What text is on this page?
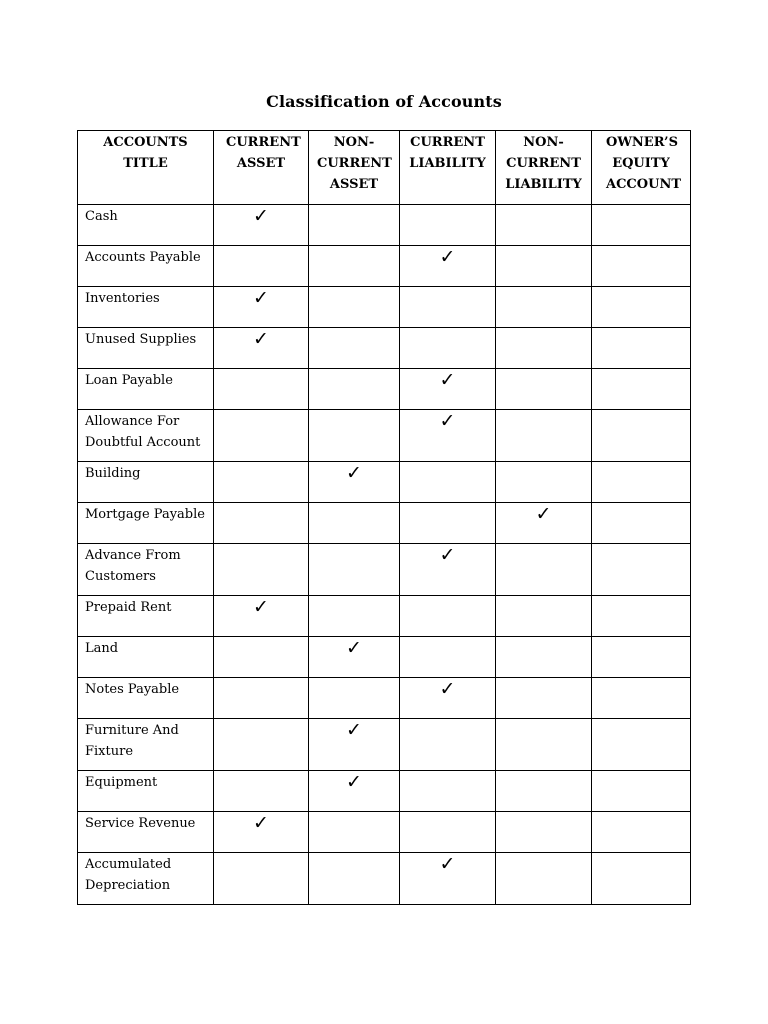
Classification of Accounts
ACCOUNTS TITLE	CURRENT ASSET	NON-CURRENT ASSET	CURRENT LIABILITY	NON-CURRENT LIABILITY	OWNER’S EQUITY ACCOUNT
Cash	✓				
Accounts Payable			✓		
Inventories	✓				
Unused Supplies	✓				
Loan Payable			✓		
Allowance For Doubtful Account			✓		
Building		✓			
Mortgage Payable				✓	
Advance From Customers			✓		
Prepaid Rent	✓				
Land		✓			
Notes Payable			✓		
Furniture And Fixture		✓			
Equipment		✓			
Service Revenue	✓				
Accumulated Depreciation			✓		
